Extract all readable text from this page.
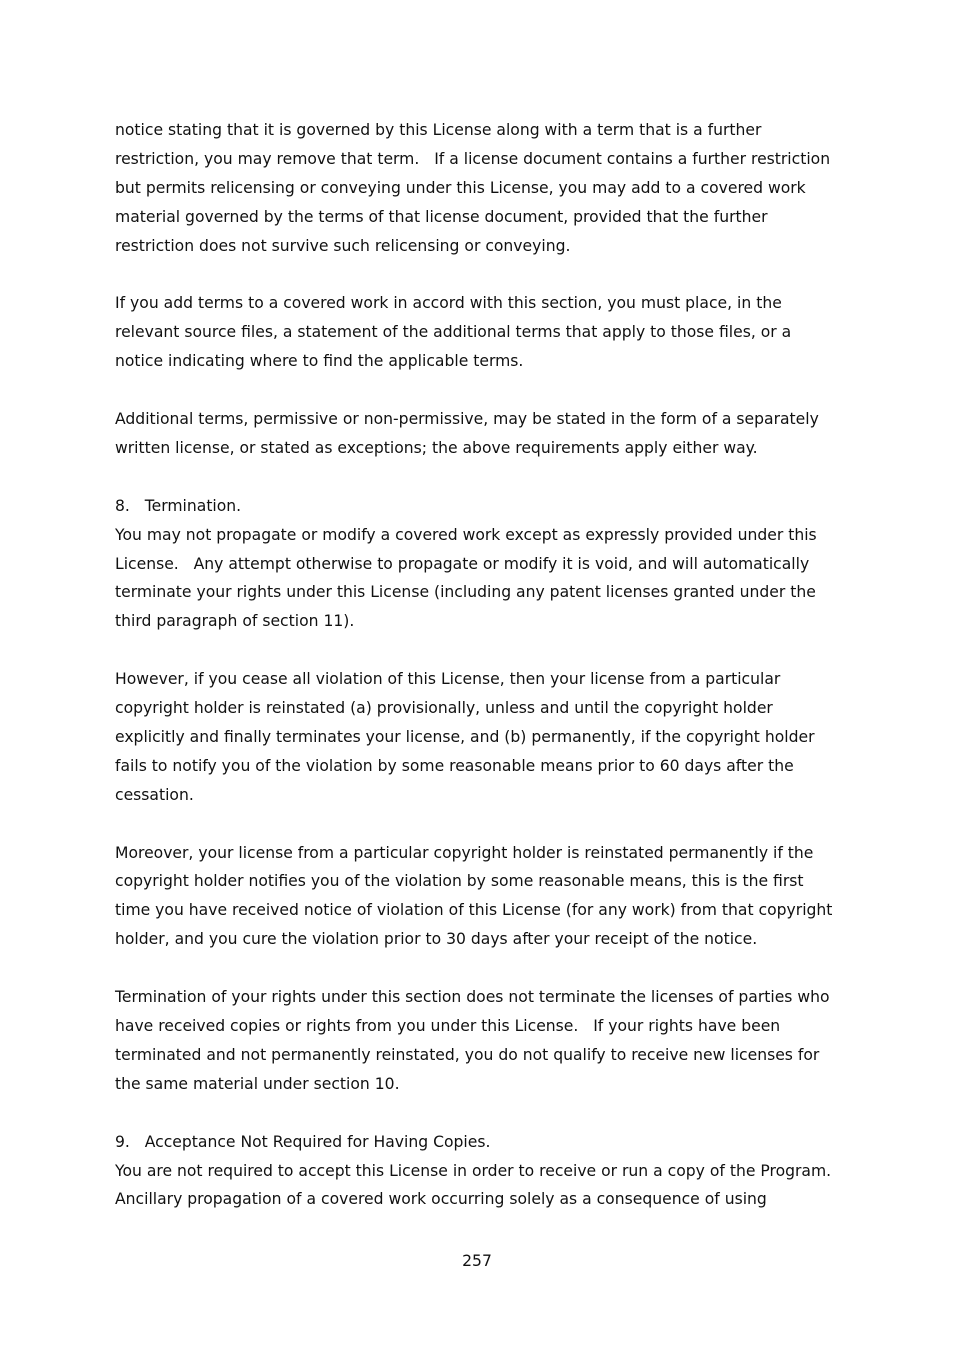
notice stating that it is governed by this License along with a term that is a further restriction, you may remove that term.   If a license document contains a further restriction but permits relicensing or conveying under this License, you may add to a covered work material governed by the terms of that license document, provided that the further restriction does not survive such relicensing or conveying.

If you add terms to a covered work in accord with this section, you must place, in the relevant source files, a statement of the additional terms that apply to those files, or a notice indicating where to find the applicable terms.

Additional terms, permissive or non-permissive, may be stated in the form of a separately written license, or stated as exceptions; the above requirements apply either way.

8.   Termination.

You may not propagate or modify a covered work except as expressly provided under this License.   Any attempt otherwise to propagate or modify it is void, and will automatically terminate your rights under this License (including any patent licenses granted under the third paragraph of section 11).

However, if you cease all violation of this License, then your license from a particular copyright holder is reinstated (a) provisionally, unless and until the copyright holder explicitly and finally terminates your license, and (b) permanently, if the copyright holder fails to notify you of the violation by some reasonable means prior to 60 days after the cessation.

Moreover, your license from a particular copyright holder is reinstated permanently if the copyright holder notifies you of the violation by some reasonable means, this is the first time you have received notice of violation of this License (for any work) from that copyright holder, and you cure the violation prior to 30 days after your receipt of the notice.

Termination of your rights under this section does not terminate the licenses of parties who have received copies or rights from you under this License.   If your rights have been terminated and not permanently reinstated, you do not qualify to receive new licenses for the same material under section 10.

9.   Acceptance Not Required for Having Copies.

You are not required to accept this License in order to receive or run a copy of the Program. Ancillary propagation of a covered work occurring solely as a consequence of using

257
